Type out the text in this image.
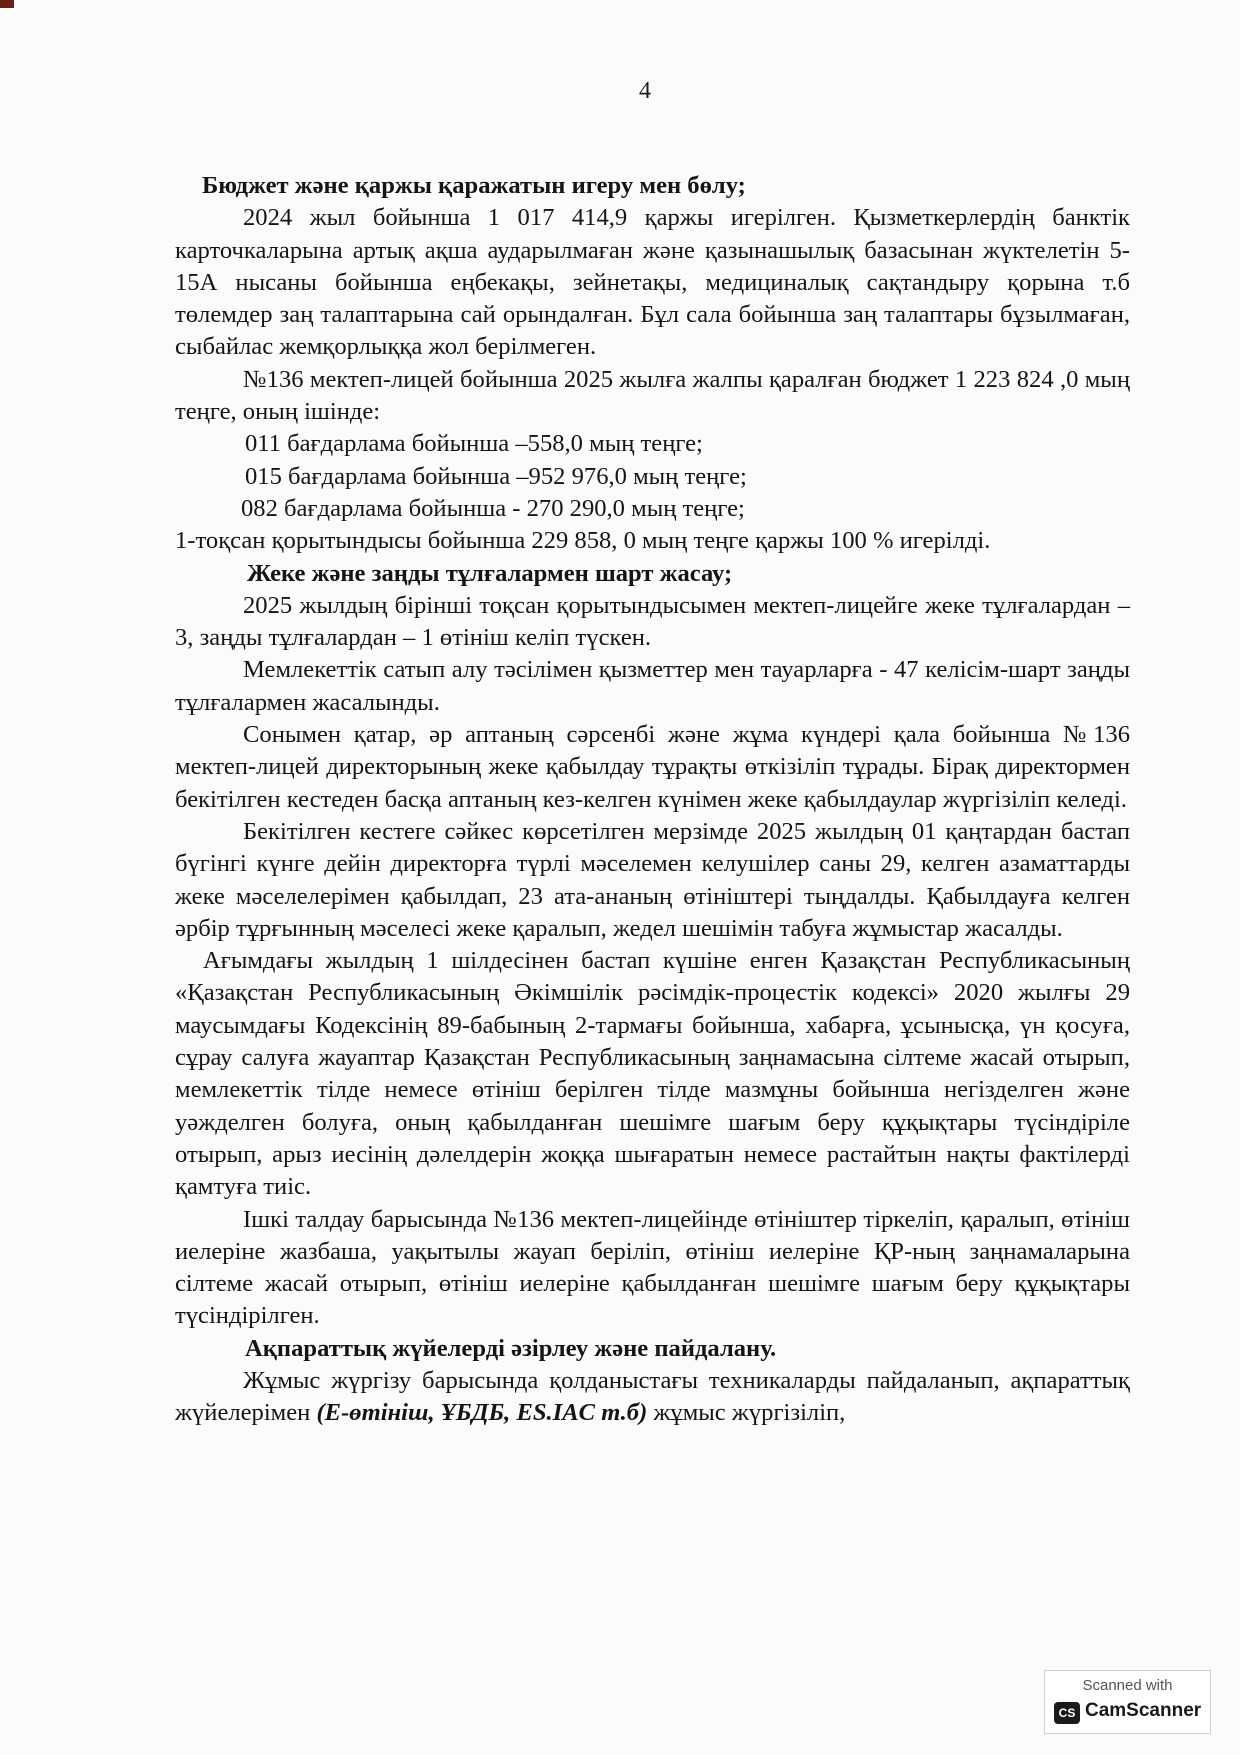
4

Бюджет және қаржы қаражатын игеру мен бөлу;

2024 жыл бойынша 1 017 414,9 қаржы игерілген. Қызметкерлердің банктік карточкаларына артық ақша аударылмаған және қазынашылық базасынан жүктелетін 5-15А нысаны бойынша еңбекақы, зейнетақы, медициналық сақтандыру қорына т.б төлемдер заң талаптарына сай орындалған. Бұл сала бойынша заң талаптары бұзылмаған, сыбайлас жемқорлыққа жол берілмеген.

№136 мектеп-лицей бойынша 2025 жылға жалпы қаралған бюджет 1 223 824 ,0 мың теңге, оның ішінде:

011 бағдарлама бойынша –558,0 мың теңге;

015 бағдарлама бойынша –952 976,0 мың теңге;

082 бағдарлама бойынша - 270 290,0 мың теңге;

1-тоқсан қорытындысы бойынша 229 858, 0 мың теңге қаржы 100 % игерілді.

Жеке және заңды тұлғалармен шарт жасау;

2025 жылдың бірінші тоқсан қорытындысымен мектеп-лицейге жеке тұлғалардан – 3, заңды тұлғалардан – 1 өтініш келіп түскен.

Мемлекеттік сатып алу тәсілімен қызметтер мен тауарларға - 47 келісім-шарт заңды тұлғалармен жасалынды.

Сонымен қатар, әр аптаның сәрсенбі және жұма күндері қала бойынша №136 мектеп-лицей директорының жеке қабылдау тұрақты өткізіліп тұрады. Бірақ директормен бекітілген кестеден басқа аптаның кез-келген күнімен жеке қабылдаулар жүргізіліп келеді.

Бекітілген кестеге сәйкес көрсетілген мерзімде 2025 жылдың 01 қаңтардан бастап бүгінгі күнге дейін директорға түрлі мәселемен келушілер саны 29, келген азаматтарды жеке мәселелерімен қабылдап, 23 ата-ананың өтініштері тыңдалды. Қабылдауға келген әрбір тұрғынның мәселесі жеке қаралып, жедел шешімін табуға жұмыстар жасалды.

Ағымдағы жылдың 1 шілдесінен бастап күшіне енген Қазақстан Республикасының «Қазақстан Республикасының Әкімшілік рәсімдік-процестік кодексі» 2020 жылғы 29 маусымдағы Кодексінің 89-бабының 2-тармағы бойынша, хабарға, ұсынысқа, үн қосуға, сұрау салуға жауаптар Қазақстан Республикасының заңнамасына сілтеме жасай отырып, мемлекеттік тілде немесе өтініш берілген тілде мазмұны бойынша негізделген және уәжделген болуға, оның қабылданған шешімге шағым беру құқықтары түсіндіріле отырып, арыз иесінің дәлелдерін жоққа шығаратын немесе растайтын нақты фактілерді қамтуға тиіс.

Ішкі талдау барысында №136 мектеп-лицейінде өтініштер тіркеліп, қаралып, өтініш иелеріне жазбаша, уақытылы жауап беріліп, өтініш иелеріне ҚР-ның заңнамаларына сілтеме жасай отырып, өтініш иелеріне қабылданған шешімге шағым беру құқықтары түсіндірілген.

Ақпараттық жүйелерді әзірлеу және пайдалану.

Жұмыс жүргізу барысында қолданыстағы техникаларды пайдаланып, ақпараттық жүйелерімен (Е-өтініш, ҰБДБ, ES.IAC т.б) жұмыс жүргізіліп,

Scanned with
CS CamScanner
